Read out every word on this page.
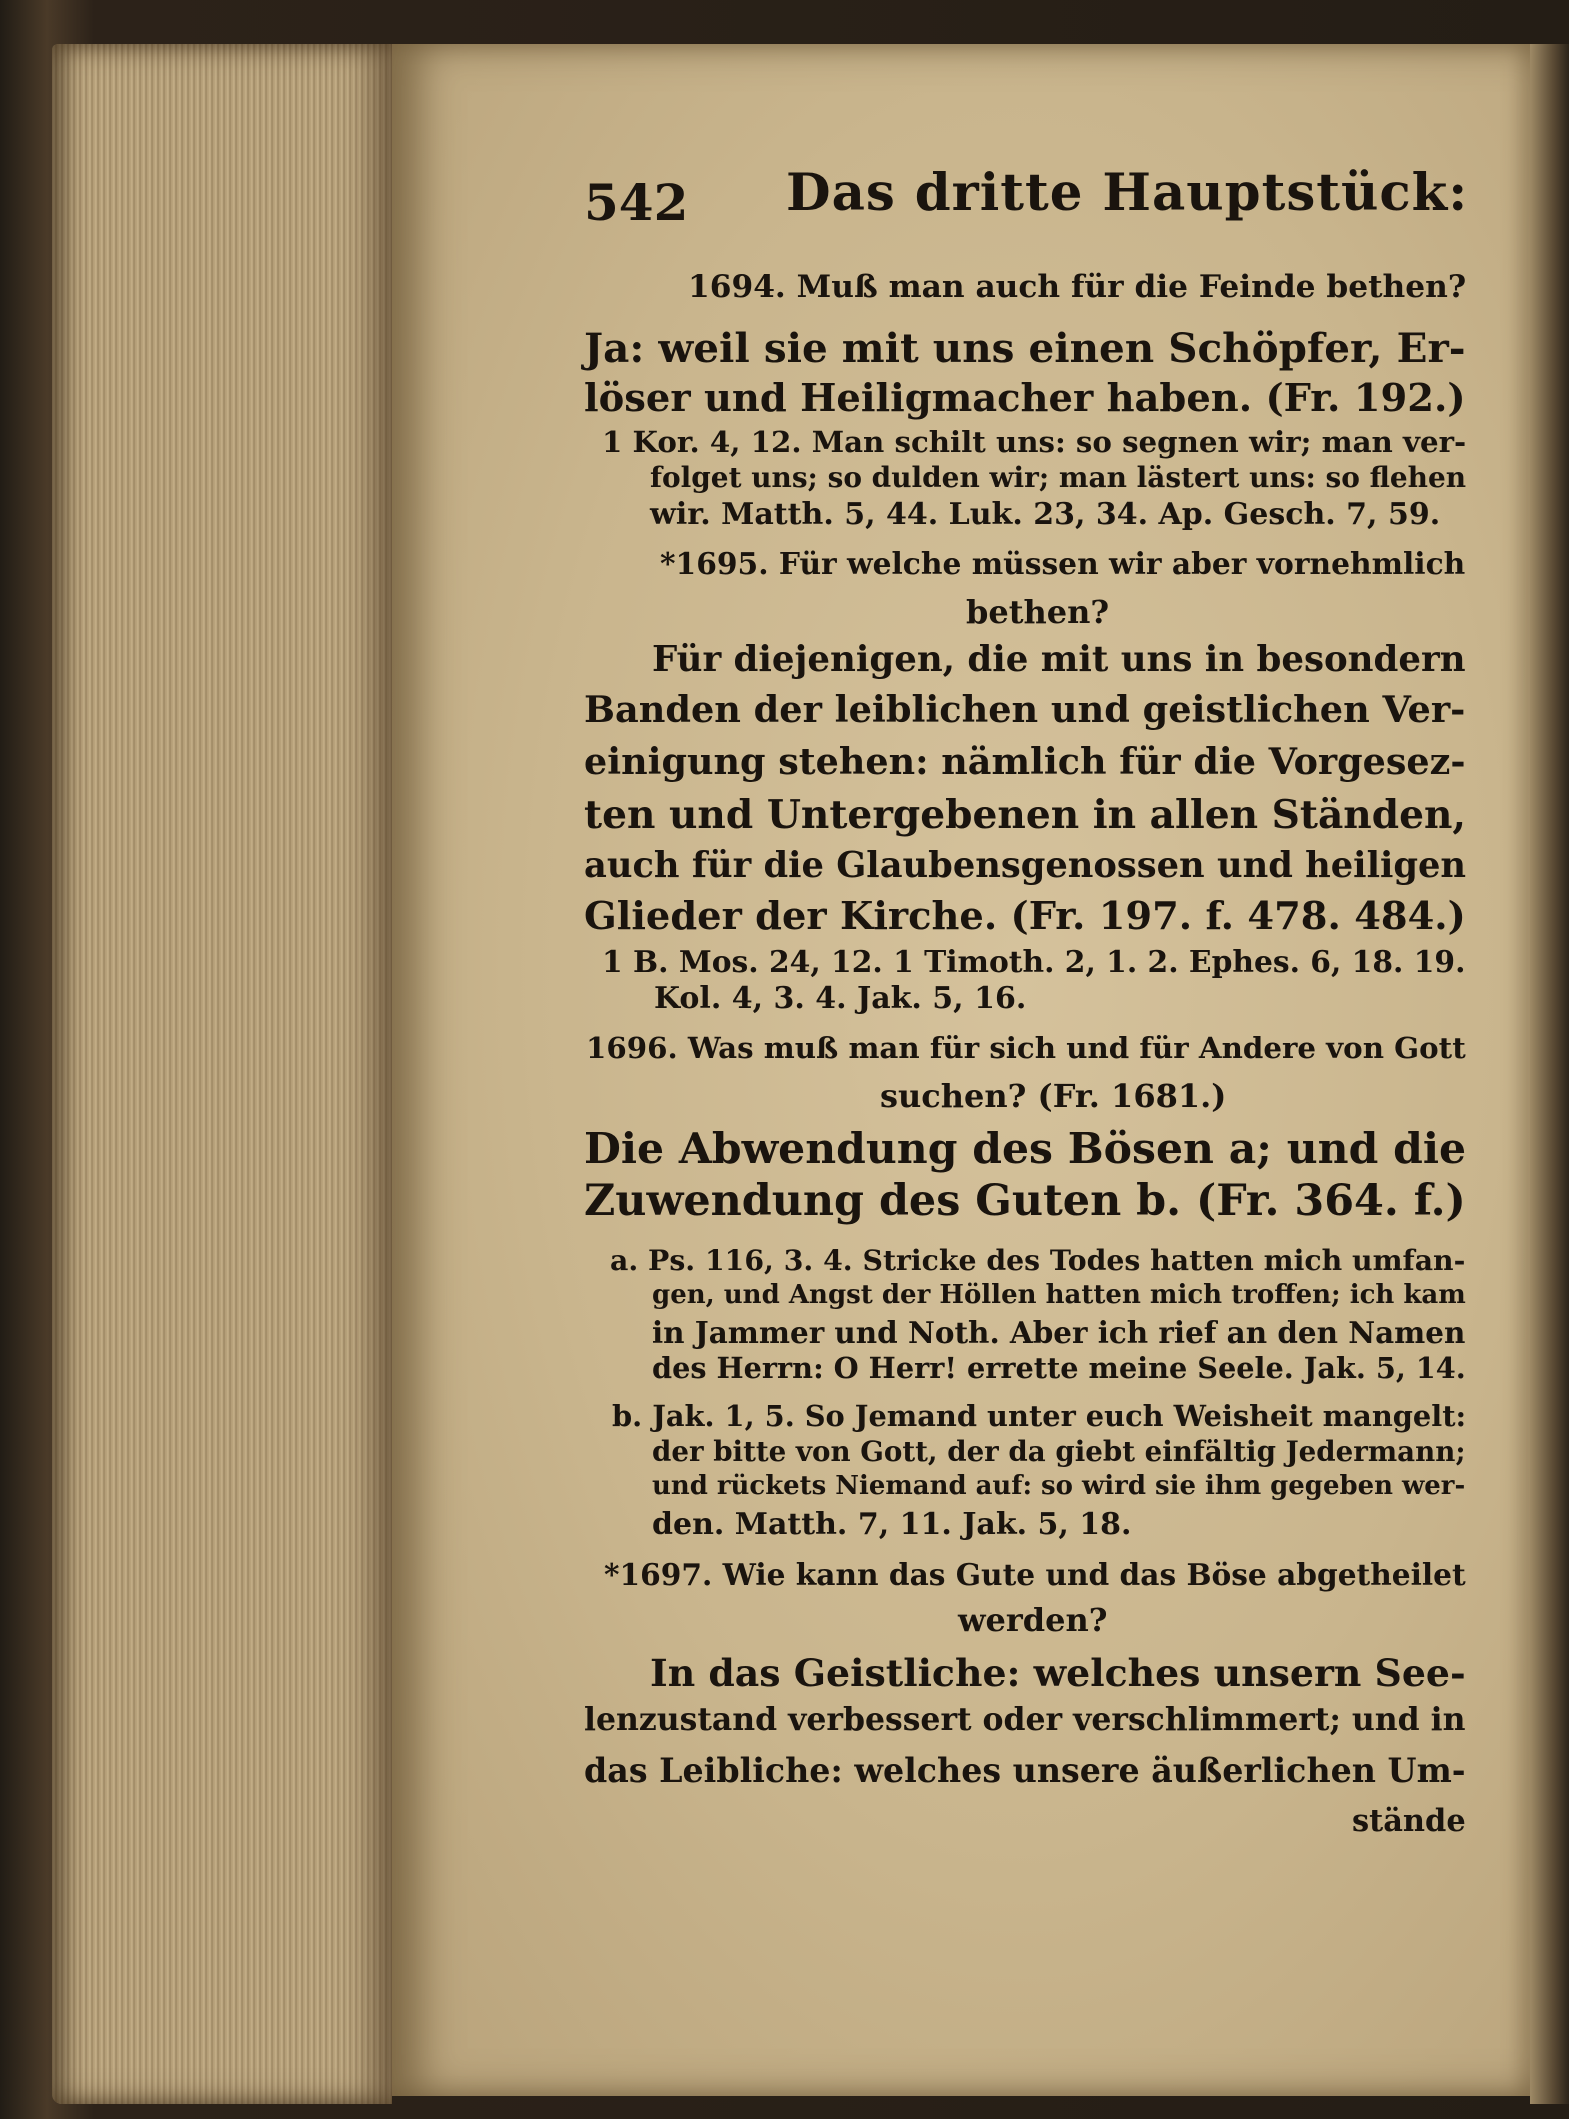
542 Das dritte Hauptstück:
1694. Muß man auch für die Feinde bethen?
Ja: weil sie mit uns einen Schöpfer, Er-
löser und Heiligmacher haben. (Fr. 192.)
1 Kor. 4, 12. Man schilt uns: so segnen wir; man ver-
folget uns; so dulden wir; man lästert uns: so flehen
wir. Matth. 5, 44. Luk. 23, 34. Ap. Gesch. 7, 59.
*1695. Für welche müssen wir aber vornehmlich
bethen?
Für diejenigen, die mit uns in besondern
Banden der leiblichen und geistlichen Ver-
einigung stehen: nämlich für die Vorgesez-
ten und Untergebenen in allen Ständen,
auch für die Glaubensgenossen und heiligen
Glieder der Kirche. (Fr. 197. f. 478. 484.)
1 B. Mos. 24, 12. 1 Timoth. 2, 1. 2. Ephes. 6, 18. 19.
Kol. 4, 3. 4. Jak. 5, 16.
1696. Was muß man für sich und für Andere von Gott
suchen? (Fr. 1681.)
Die Abwendung des Bösen a; und die
Zuwendung des Guten b. (Fr. 364. f.)
a. Ps. 116, 3. 4. Stricke des Todes hatten mich umfan-
gen, und Angst der Höllen hatten mich troffen; ich kam
in Jammer und Noth. Aber ich rief an den Namen
des Herrn: O Herr! errette meine Seele. Jak. 5, 14.
b. Jak. 1, 5. So Jemand unter euch Weisheit mangelt:
der bitte von Gott, der da giebt einfältig Jedermann;
und rückets Niemand auf: so wird sie ihm gegeben wer-
den. Matth. 7, 11. Jak. 5, 18.
*1697. Wie kann das Gute und das Böse abgetheilet
werden?
In das Geistliche: welches unsern See-
lenzustand verbessert oder verschlimmert; und in
das Leibliche: welches unsere äußerlichen Um-
stände
